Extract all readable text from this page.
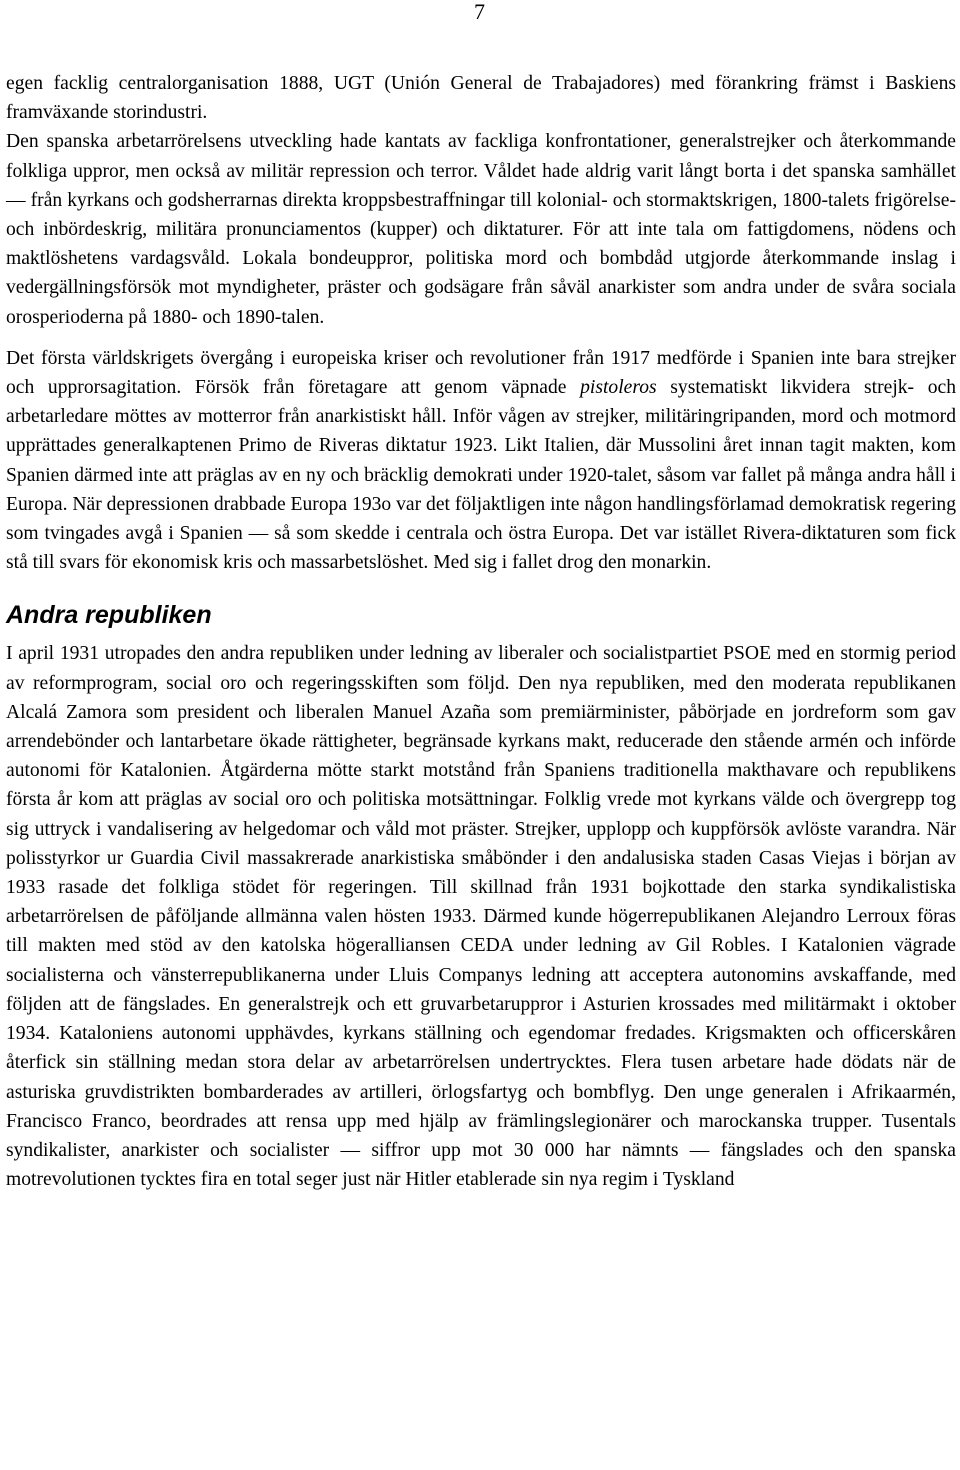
7

egen facklig centralorganisation 1888, UGT (Unión General de Trabajadores) med förankring främst i Baskiens framväxande storindustri.

Den spanska arbetarrörelsens utveckling hade kantats av fackliga konfrontationer, generalstrejker och återkommande folkliga uppror, men också av militär repression och terror. Våldet hade aldrig varit långt borta i det spanska samhället — från kyrkans och godsherrarnas direkta kroppsbestraffningar till kolonial- och stormaktskrigen, 1800-talets frigörelse- och inbördeskrig, militära pronunciamentos (kupper) och diktaturer. För att inte tala om fattigdomens, nödens och maktlöshetens vardagsvåld. Lokala bondeuppror, politiska mord och bombdåd utgjorde återkommande inslag i vedergällningsförsök mot myndigheter, präster och godsägare från såväl anarkister som andra under de svåra sociala orosperioderna på 1880- och 1890-talen.

Det första världskrigets övergång i europeiska kriser och revolutioner från 1917 medförde i Spanien inte bara strejker och upprorsagitation. Försök från företagare att genom väpnade pistoleros systematiskt likvidera strejk- och arbetarledare möttes av motterror från anarkistiskt håll. Inför vågen av strejker, militäringripanden, mord och motmord upprättades generalkaptenen Primo de Riveras diktatur 1923. Likt Italien, där Mussolini året innan tagit makten, kom Spanien därmed inte att präglas av en ny och bräcklig demokrati under 1920-talet, såsom var fallet på många andra håll i Europa. När depressionen drabbade Europa 193o var det följaktligen inte någon handlingsförlamad demokratisk regering som tvingades avgå i Spanien — så som skedde i centrala och östra Europa. Det var istället Rivera-diktaturen som fick stå till svars för ekonomisk kris och massarbetslöshet. Med sig i fallet drog den monarkin.

Andra republiken

I april 1931 utropades den andra republiken under ledning av liberaler och socialistpartiet PSOE med en stormig period av reformprogram, social oro och regeringsskiften som följd. Den nya republiken, med den moderata republikanen Alcalá Zamora som president och liberalen Manuel Azaña som premiärminister, påbörjade en jordreform som gav arrendebönder och lantarbetare ökade rättigheter, begränsade kyrkans makt, reducerade den stående armén och införde autonomi för Katalonien. Åtgärderna mötte starkt motstånd från Spaniens traditionella makthavare och republikens första år kom att präglas av social oro och politiska motsättningar. Folklig vrede mot kyrkans välde och övergrepp tog sig uttryck i vandalisering av helgedomar och våld mot präster. Strejker, upplopp och kuppförsök avlöste varandra. När polisstyrkor ur Guardia Civil massakrerade anarkistiska småbönder i den andalusiska staden Casas Viejas i början av 1933 rasade det folkliga stödet för regeringen. Till skillnad från 1931 bojkottade den starka syndikalistiska arbetarrörelsen de påföljande allmänna valen hösten 1933. Därmed kunde högerrepublikanen Alejandro Lerroux föras till makten med stöd av den katolska högeralliansen CEDA under ledning av Gil Robles. I Katalonien vägrade socialisterna och vänsterrepublikanerna under Lluis Companys ledning att acceptera autonomins avskaffande, med följden att de fängslades. En generalstrejk och ett gruvarbetaruppror i Asturien krossades med militärmakt i oktober 1934. Kataloniens autonomi upphävdes, kyrkans ställning och egendomar fredades. Krigsmakten och officerskåren återfick sin ställning medan stora delar av arbetarrörelsen undertrycktes. Flera tusen arbetare hade dödats när de asturiska gruvdistrikten bombarderades av artilleri, örlogsfartyg och bombflyg. Den unge generalen i Afrikaarmén, Francisco Franco, beordrades att rensa upp med hjälp av främlingslegionärer och marockanska trupper. Tusentals syndikalister, anarkister och socialister — siffror upp mot 30 000 har nämnts — fängslades och den spanska motrevolutionen tycktes fira en total seger just när Hitler etablerade sin nya regim i Tyskland
